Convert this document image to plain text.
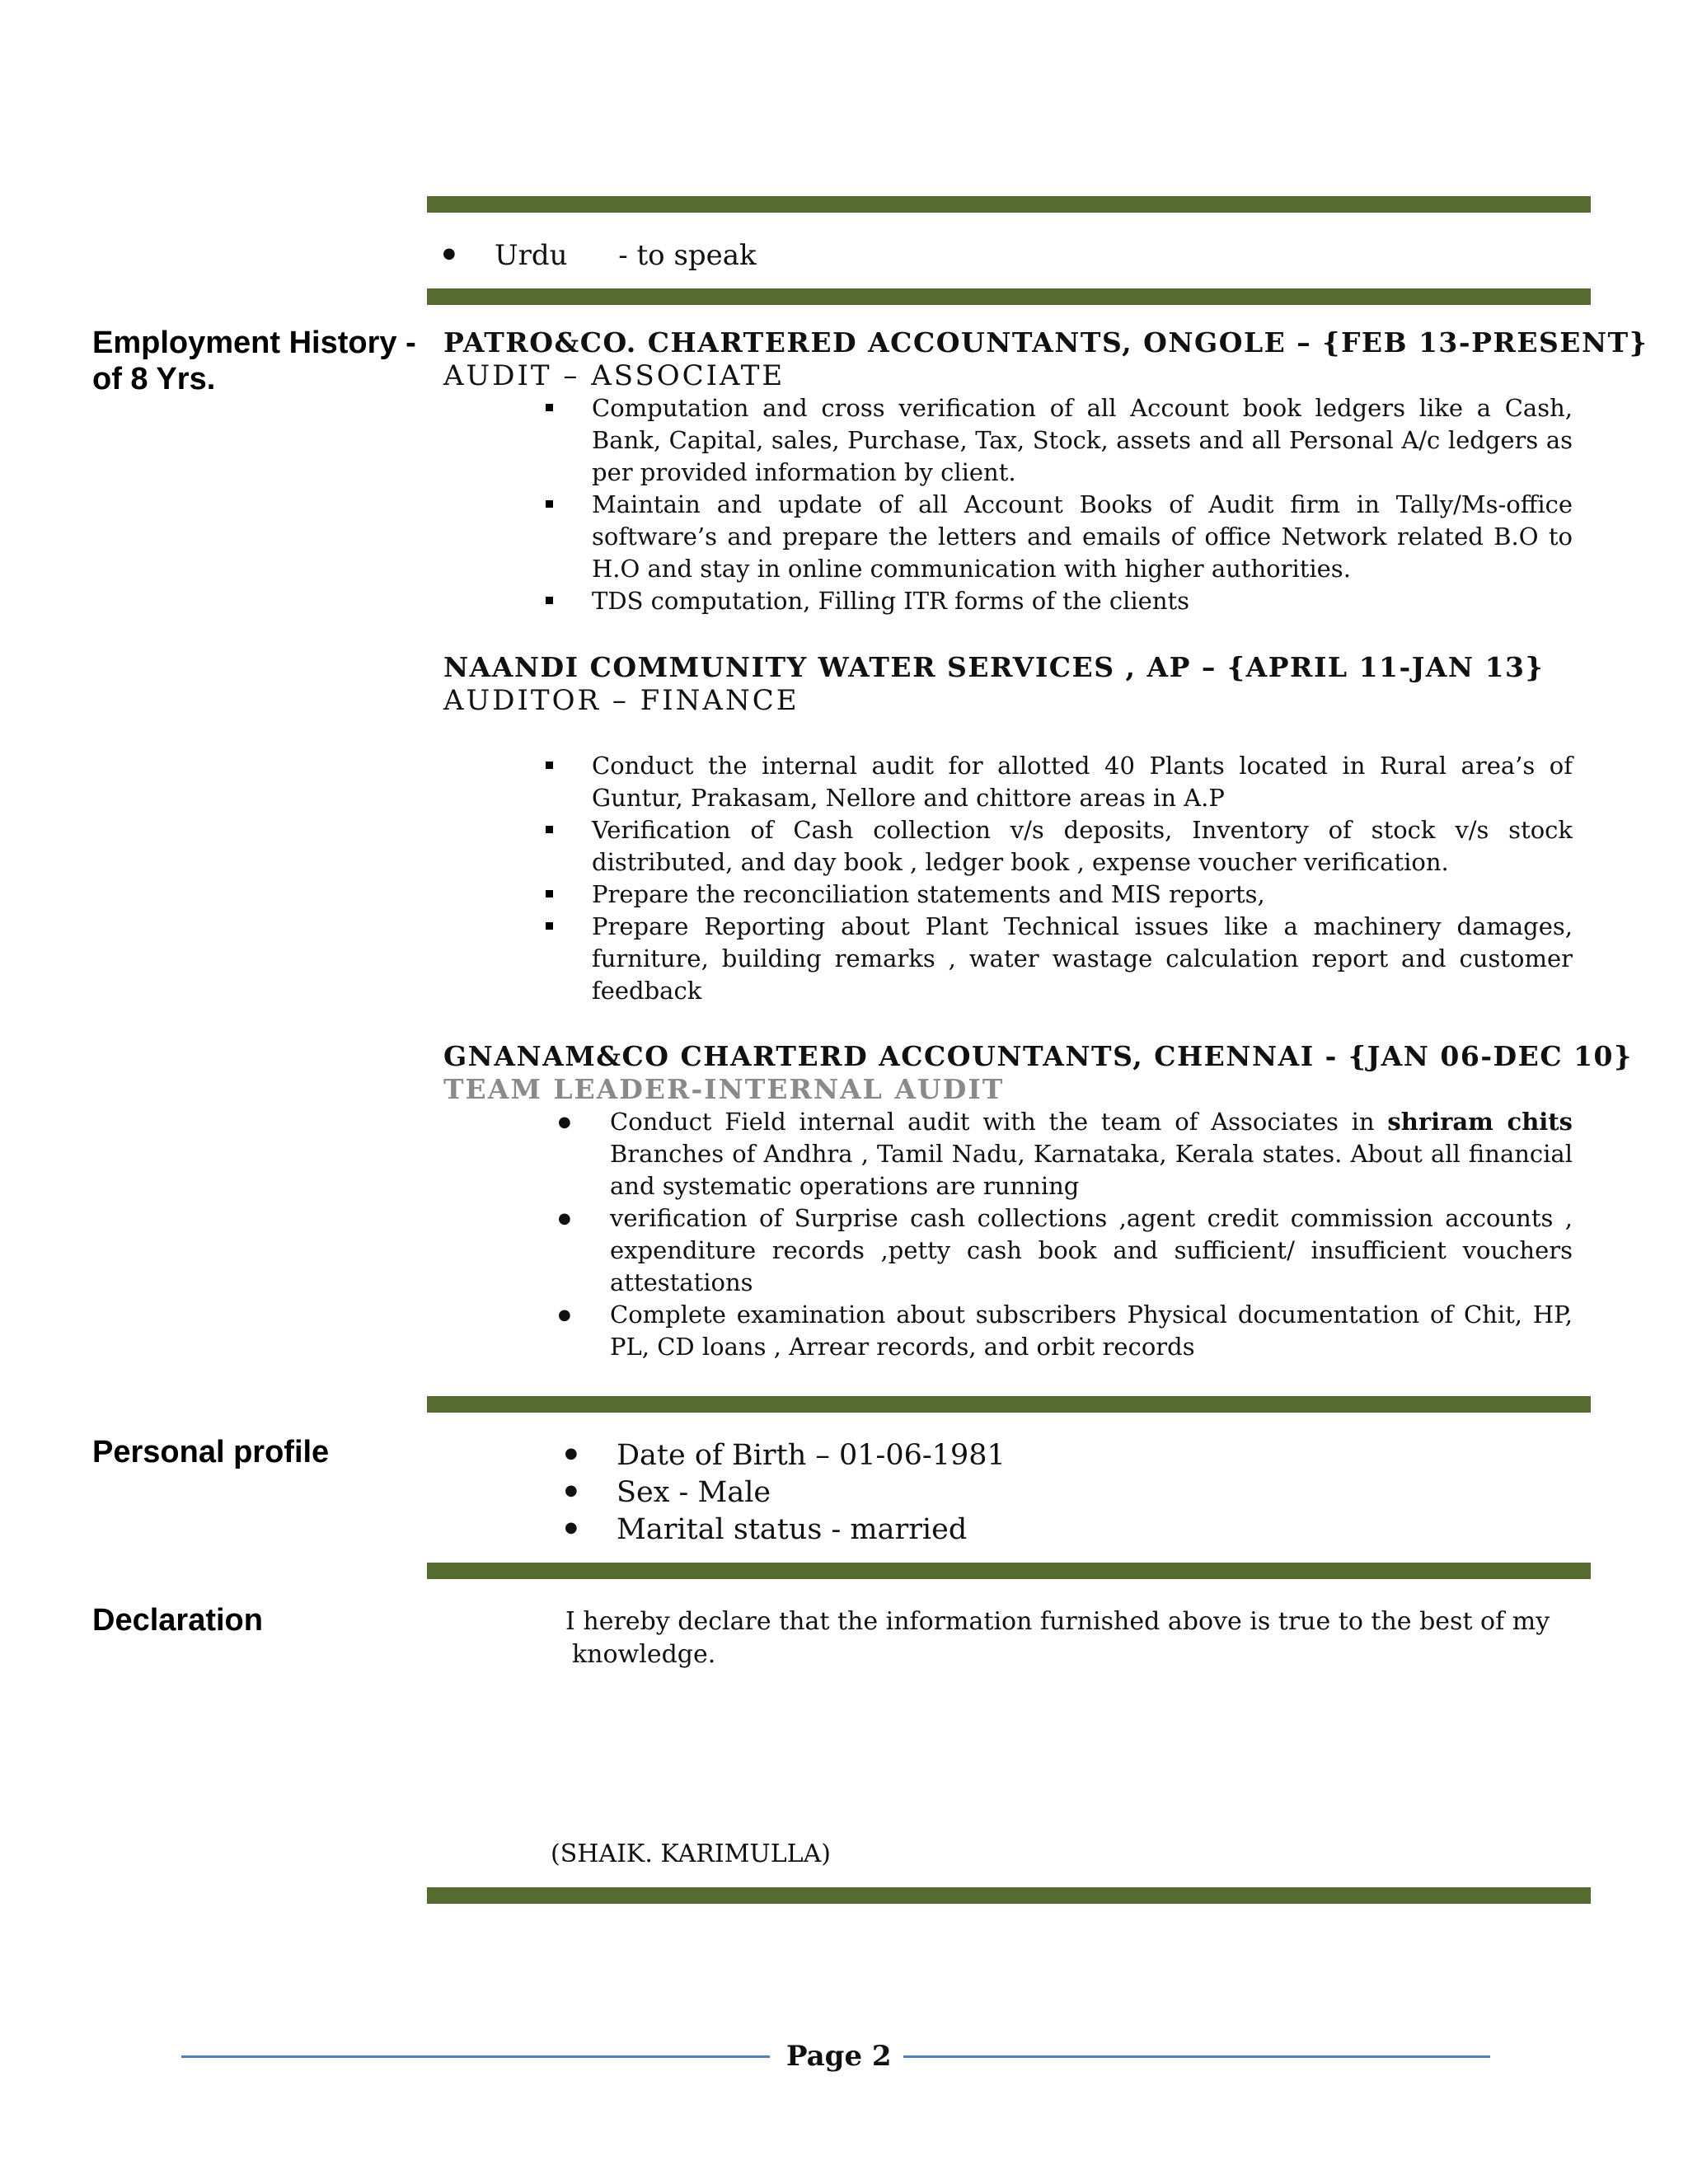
● Urdu - to speak
Employment History - of 8 Yrs.
PATRO&CO. CHARTERED ACCOUNTANTS, ONGOLE – {FEB 13-PRESENT}
AUDIT – ASSOCIATE
Computation and cross verification of all Account book ledgers like a Cash, Bank, Capital, sales, Purchase, Tax, Stock, assets and all Personal A/c ledgers as per provided information by client.
Maintain and update of all Account Books of Audit firm in Tally/Ms-office software’s and prepare the letters and emails of office Network related B.O to H.O and stay in online communication with higher authorities.
TDS computation, Filling ITR forms of the clients
NAANDI COMMUNITY WATER SERVICES , AP – {APRIL 11-JAN 13}
AUDITOR – FINANCE
Conduct the internal audit for allotted 40 Plants located in Rural area’s of Guntur, Prakasam, Nellore and chittore areas in A.P
Verification of Cash collection v/s deposits, Inventory of stock v/s stock distributed, and day book , ledger book , expense voucher verification.
Prepare the reconciliation statements and MIS reports,
Prepare Reporting about Plant Technical issues like a machinery damages, furniture, building remarks , water wastage calculation report and customer feedback
GNANAM&CO CHARTERD ACCOUNTANTS, CHENNAI - {JAN 06-DEC 10}
TEAM LEADER-INTERNAL AUDIT
● Conduct Field internal audit with the team of Associates in shriram chits Branches of Andhra , Tamil Nadu, Karnataka, Kerala states. About all financial and systematic operations are running
● verification of Surprise cash collections ,agent credit commission accounts , expenditure records ,petty cash book and sufficient/ insufficient vouchers attestations
● Complete examination about subscribers Physical documentation of Chit, HP, PL, CD loans , Arrear records, and orbit records
Personal profile
●	Date of Birth – 01-06-1981
● Sex - Male
● Marital status - married
Declaration	I hereby declare that the information furnished above is true to the best of my
knowledge.
(SHAIK. KARIMULLA)
Page 2
